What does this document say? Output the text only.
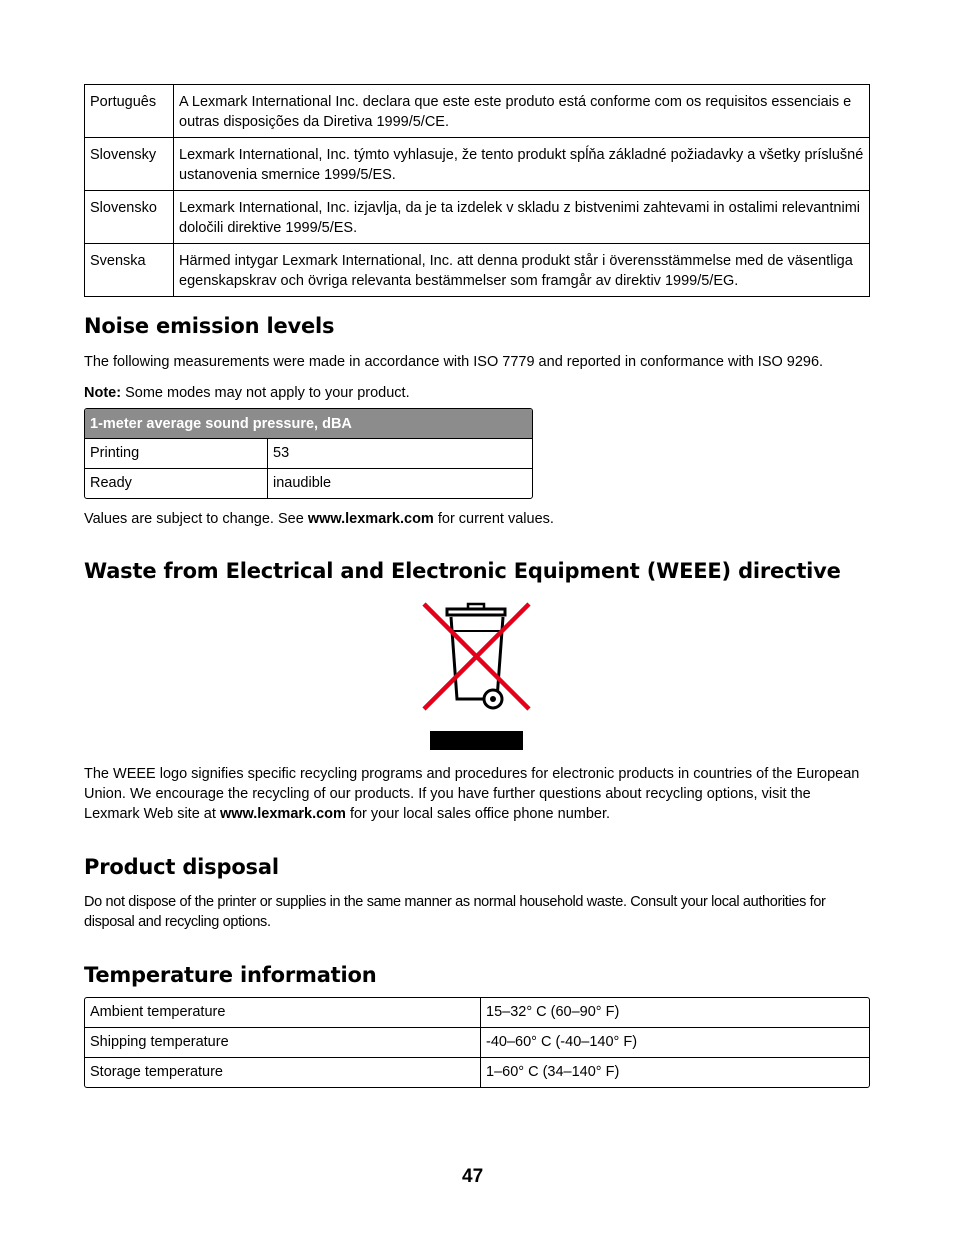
Português	A Lexmark International Inc. declara que este este produto está conforme com os requisitos essenciais e outras disposições da Diretiva 1999/5/CE.
Slovensky	Lexmark International, Inc. týmto vyhlasuje, že tento produkt spĺňa základné požiadavky a všetky príslušné ustanovenia smernice 1999/5/ES.
Slovensko	Lexmark International, Inc. izjavlja, da je ta izdelek v skladu z bistvenimi zahtevami in ostalimi relevantnimi določili direktive 1999/5/ES.
Svenska	Härmed intygar Lexmark International, Inc. att denna produkt står i överensstämmelse med de väsentliga egenskapskrav och övriga relevanta bestämmelser som framgår av direktiv 1999/5/EG.
Noise emission levels

The following measurements were made in accordance with ISO 7779 and reported in conformance with ISO 9296.

Note: Some modes may not apply to your product.

1-meter average sound pressure, dBA	
Printing	53
Ready	inaudible

Values are subject to change. See www.lexmark.com for current values.

Waste from Electrical and Electronic Equipment (WEEE) directive

The WEEE logo signifies specific recycling programs and procedures for electronic products in countries of the European Union. We encourage the recycling of our products. If you have further questions about recycling options, visit the Lexmark Web site at www.lexmark.com for your local sales office phone number.

Product disposal

Do not dispose of the printer or supplies in the same manner as normal household waste. Consult your local authorities for disposal and recycling options.

Temperature information
Ambient temperature	15–32° C (60–90° F)
Shipping temperature	-40–60° C (-40–140° F)
Storage temperature	1–60° C (34–140° F)
47
